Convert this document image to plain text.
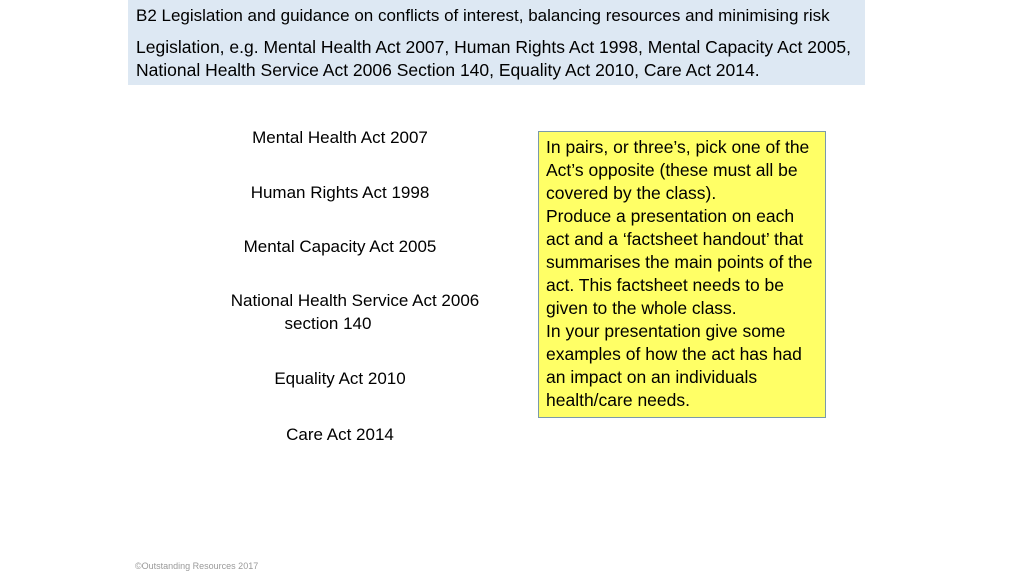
B2 Legislation and guidance on conflicts of interest, balancing resources and minimising risk

Legislation, e.g. Mental Health Act 2007, Human Rights Act 1998, Mental Capacity Act 2005, National Health Service Act 2006 Section 140, Equality Act 2010, Care Act 2014.

Mental Health Act 2007
Human Rights Act 1998
Mental Capacity Act 2005
National Health Service Act 2006
section 140
Equality Act 2010
Care Act 2014

In pairs, or three’s, pick one of the Act’s opposite (these must all be covered by the class).

Produce a presentation on each act and a ‘factsheet handout’ that summarises the main points of the act. This factsheet needs to be given to the whole class.

In your presentation give some examples of how the act has had an impact on an individuals health/care needs.

©Outstanding Resources 2017
